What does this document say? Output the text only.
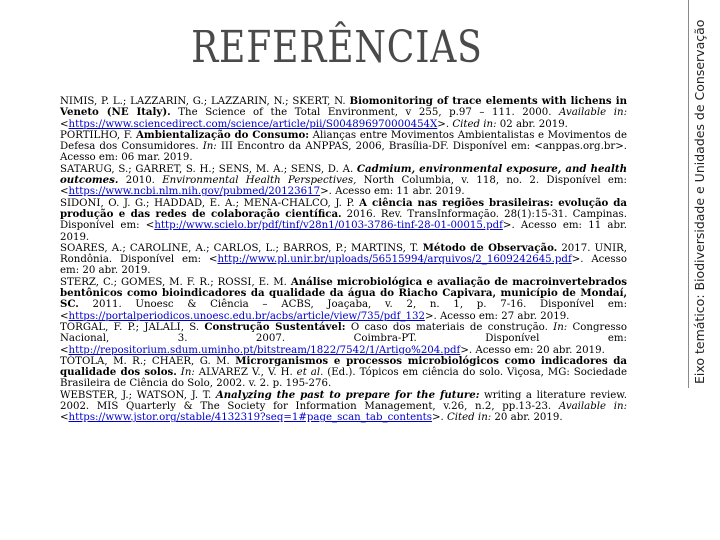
REFERÊNCIAS	Eixo temático: Biodiversidade e Unidades de Conservação

NIMIS, P. L.; LAZZARIN, G.; LAZZARIN, N.; SKERT, N. Biomonitoring of trace elements with lichens in Veneto (NE Italy). The Science of the Total Environment, v 255, p.97 – 111. 2000. Available in: <https://www.sciencedirect.com/science/article/pii/S004896970000454X>. Cited in: 02 abr. 2019.

PORTILHO, F. Ambientalização do Consumo: Alianças entre Movimentos Ambientalistas e Movimentos de Defesa dos Consumidores. In: III Encontro da ANPPAS, 2006, Brasília-DF. Disponível em: <anppas.org.br>. Acesso em: 06 mar. 2019.

SATARUG, S.; GARRET, S. H.; SENS, M. A.; SENS, D. A. Cadmium, environmental exposure, and health outcomes. 2010. Environmental Health Perspectives, North Columbia, v. 118, no. 2. Disponível em: <https://www.ncbi.nlm.nih.gov/pubmed/20123617>. Acesso em: 11 abr. 2019.

SIDONI, O. J. G.; HADDAD, E. A.; MENA-CHALCO, J. P. A ciência nas regiões brasileiras: evolução da produção e das redes de colaboração científica. 2016. Rev. TransInformação. 28(1):15-31. Campinas. Disponível em: <http://www.scielo.br/pdf/tinf/v28n1/0103-3786-tinf-28-01-00015.pdf>. Acesso em: 11 abr. 2019.

SOARES, A.; CAROLINE, A.; CARLOS, L.; BARROS, P.; MARTINS, T. Método de Observação. 2017. UNIR, Rondônia. Disponível em: <http://www.pl.unir.br/uploads/56515994/arquivos/2_1609242645.pdf>. Acesso em: 20 abr. 2019.

STERZ, C.; GOMES, M. F. R.; ROSSI, E. M. Análise microbiológica e avaliação de macroinvertebrados bentônicos como bioindicadores da qualidade da água do Riacho Capivara, município de Mondaí, SC. 2011. Unoesc & Ciência – ACBS, Joaçaba, v. 2, n. 1, p. 7-16. Disponível em: <https://portalperiodicos.unoesc.edu.br/acbs/article/view/735/pdf_132>. Acesso em: 27 abr. 2019.

TORGAL, F. P.; JALALI, S. Construção Sustentável: O caso dos materiais de construção. In: Congresso Nacional, 3. 2007. Coimbra-PT. Disponível em: <http://repositorium.sdum.uminho.pt/bitstream/1822/7542/1/Artigo%204.pdf>. Acesso em: 20 abr. 2019.

TÓTOLA, M. R.; CHAER, G. M. Microrganismos e processos microbiológicos como indicadores da qualidade dos solos. In: ALVAREZ V., V. H. et al. (Ed.). Tópicos em ciência do solo. Viçosa, MG: Sociedade Brasileira de Ciência do Solo, 2002. v. 2. p. 195-276.

WEBSTER, J.; WATSON, J. T. Analyzing the past to prepare for the future: writing a literature review. 2002. MIS Quarterly & The Society for Information Management, v.26, n.2, pp.13-23. Available in: <https://www.jstor.org/stable/4132319?seq=1#page_scan_tab_contents>. Cited in: 20 abr. 2019.
